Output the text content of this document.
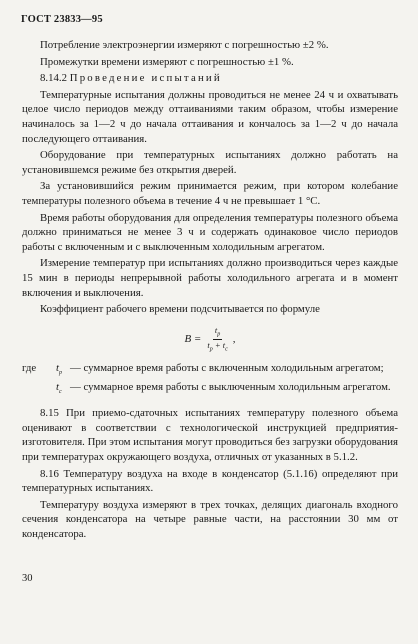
ГОСТ 23833—95

Потребление электроэнергии измеряют с погрешностью ±2 %.

Промежутки времени измеряют с погрешностью ±1 %.

8.14.2 Проведение испытаний

Температурные испытания должны проводиться не менее 24 ч и охватывать целое число периодов между оттаиваниями таким образом, чтобы измерение начиналось за 1—2 ч до начала оттаивания и кончалось за 1—2 ч до начала последующего оттаивания.

Оборудование при температурных испытаниях должно работать на установившемся режиме без открытия дверей.

За установившийся режим принимается режим, при котором колебание температуры полезного объема в течение 4 ч не превышает 1 °С.

Время работы оборудования для определения температуры полезного объема должно приниматься не менее 3 ч и содержать одинаковое число периодов работы с включенным и с выключенным холодильным агрегатом.

Измерение температур при испытаниях должно производиться через каждые 15 мин в периоды непрерывной работы холодильного агрегата и в момент включения и выключения.

Коэффициент рабочего времени подсчитывается по формуле

$B = \frac{t_р}{t_р + t_с}$ ,
где	$t_р$ — суммарное время работы с включенным холодильным агрегатом;
$t_с$ — суммарное время работы с выключенным холодильным агрегатом.

8.15 При приемо-сдаточных испытаниях температуру полезного объема оценивают в соответствии с технологической инструкцией предприятия-изготовителя. При этом испытания могут проводиться без загрузки оборудования при температурах окружающего воздуха, отличных от указанных в 5.1.2.

8.16 Температуру воздуха на входе в конденсатор (5.1.16) определяют при температурных испытаниях.

Температуру воздуха измеряют в трех точках, делящих диагональ входного сечения конденсатора на четыре равные части, на расстоянии 30 мм от конденсатора.

30
